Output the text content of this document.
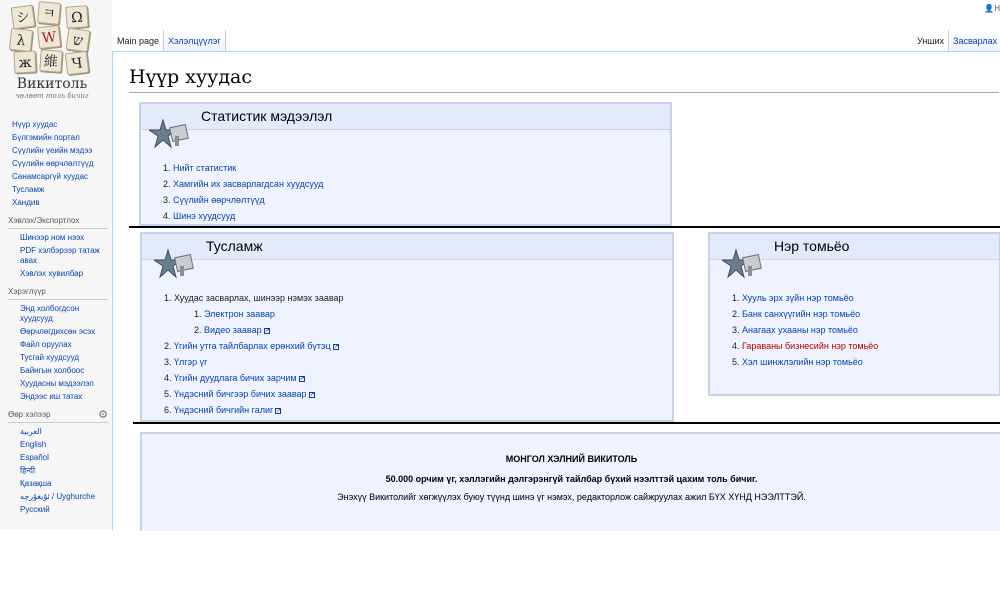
シ ㅋ	Ω
λ	W	ש
ж 維 Ч
Викитоль
чөлөөт толь бичиг
Нүүр хуудас
Бүлгэмийн портал
Сүүлийн үеийн мэдээ
Сүүлийн өөрчлөлтүүд
Санамсаргүй хуудас
Тусламж
Хандив
Хэвлэх/Экспортлох
Шинээр ном нээх
PDF хэлбэрээр татаж авах
Хэвлэх хувилбар
Хэрэглүүр
Энд холбогдсон хуудсууд
Өөрчлөгдихсөн эсэх
Файл оруулах
Тусгай хуудсууд
Байнгын холбоос
Хуудасны мэдээлэл
Эндээс иш татах
Өөр хэлээр	⚙
العربية
English
Español
हिन्दी
Қазақша
ئۇيغۇرچە / Uyghurche
Русский
👤Н
Main page	Хэлэлцүүлэг	Унших	Засварлах
Нүүр хуудас
Статистик мэдээлэл
1. Нийт статистик
2. Хамгийн их засварлагдсан хуудсууд
3. Сүүлийн өөрчлөлтүүд
4. Шинэ хуудсууд
Тусламж
1. Хуудас засварлах, шинээр нэмэх заавар
1. Электрон заавар
2. Видео заавар ↗
2. Үгийн утга тайлбарлах ерөнхий бүтэц ↗
3. Үлгэр үг
4. Үгийн дуудлага бичих зарчим ↗
5. Үндэсний бичгээр бичих заавар ↗
6. Үндэсний бичгийн галиг ↗
Нэр томьёо
1. Хууль эрх зүйн нэр томьёо
2. Банк санхүүгийн нэр томьёо
3. Анагаах ухааны нэр томьёо
4. Гараваны бизнесийн нэр томьёо
5. Хэл шинжлэлийн нэр томьёо
МОНГОЛ ХЭЛНИЙ ВИКИТОЛЬ
50.000 орчим үг, хэллэгийн дэлгэрэнгүй тайлбар бүхий нээлттэй цахим толь бичиг.
Энэхүү Викитолийг хөгжүүлэх буюу түүнд шинэ үг нэмэх, редакторлож сайжруулах ажил БҮХ ХҮНД НЭЭЛТТЭЙ.
